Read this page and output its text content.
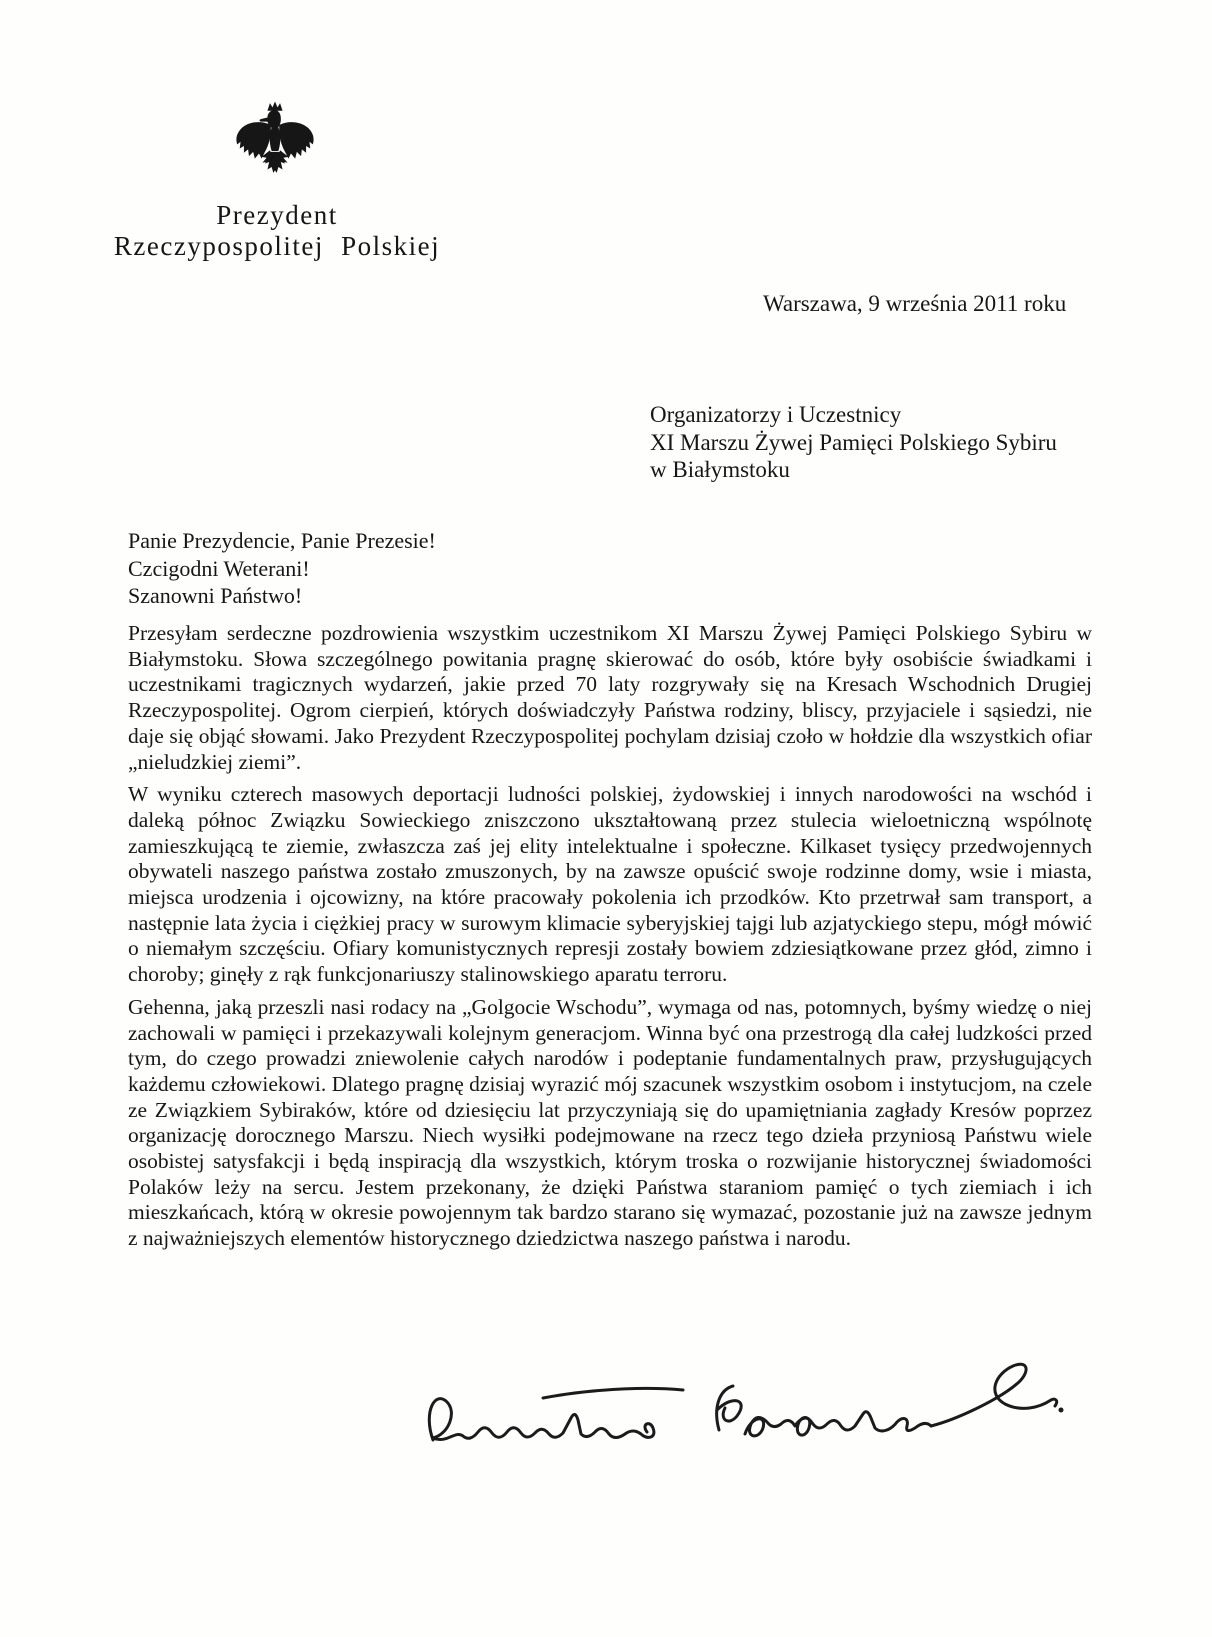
Prezydent
Rzeczypospolitej Polskiej
Warszawa, 9 września 2011 roku
Organizatorzy i Uczestnicy
XI Marszu Żywej Pamięci Polskiego Sybiru
w Białymstoku
Panie Prezydencie, Panie Prezesie!
Czcigodni Weterani!
Szanowni Państwo!

Przesyłam serdeczne pozdrowienia wszystkim uczestnikom XI Marszu Żywej Pamięci Polskiego Sybiru w Białymstoku. Słowa szczególnego powitania pragnę skierować do osób, które były osobiście świadkami i uczestnikami tragicznych wydarzeń, jakie przed 70 laty rozgrywały się na Kresach Wschodnich Drugiej Rzeczypospolitej. Ogrom cierpień, których doświadczyły Państwa rodziny, bliscy, przyjaciele i sąsiedzi, nie daje się objąć słowami. Jako Prezydent Rzeczypospolitej pochylam dzisiaj czoło w hołdzie dla wszystkich ofiar „nieludzkiej ziemi”.

W wyniku czterech masowych deportacji ludności polskiej, żydowskiej i innych narodowości na wschód i daleką północ Związku Sowieckiego zniszczono ukształtowaną przez stulecia wieloetniczną wspólnotę zamieszkującą te ziemie, zwłaszcza zaś jej elity intelektualne i społeczne. Kilkaset tysięcy przedwojennych obywateli naszego państwa zostało zmuszonych, by na zawsze opuścić swoje rodzinne domy, wsie i miasta, miejsca urodzenia i ojcowizny, na które pracowały pokolenia ich przodków. Kto przetrwał sam transport, a następnie lata życia i ciężkiej pracy w surowym klimacie syberyjskiej tajgi lub azjatyckiego stepu, mógł mówić o niemałym szczęściu. Ofiary komunistycznych represji zostały bowiem zdziesiątkowane przez głód, zimno i choroby; ginęły z rąk funkcjonariuszy stalinowskiego aparatu terroru.

Gehenna, jaką przeszli nasi rodacy na „Golgocie Wschodu”, wymaga od nas, potomnych, byśmy wiedzę o niej zachowali w pamięci i przekazywali kolejnym generacjom. Winna być ona przestrogą dla całej ludzkości przed tym, do czego prowadzi zniewolenie całych narodów i podeptanie fundamentalnych praw, przysługujących każdemu człowiekowi. Dlatego pragnę dzisiaj wyrazić mój szacunek wszystkim osobom i instytucjom, na czele ze Związkiem Sybiraków, które od dziesięciu lat przyczyniają się do upamiętniania zagłady Kresów poprzez organizację dorocznego Marszu. Niech wysiłki podejmowane na rzecz tego dzieła przyniosą Państwu wiele osobistej satysfakcji i będą inspiracją dla wszystkich, którym troska o rozwijanie historycznej świadomości Polaków leży na sercu. Jestem przekonany, że dzięki Państwa staraniom pamięć o tych ziemiach i ich mieszkańcach, którą w okresie powojennym tak bardzo starano się wymazać, pozostanie już na zawsze jednym z najważniejszych elementów historycznego dziedzictwa naszego państwa i narodu.
